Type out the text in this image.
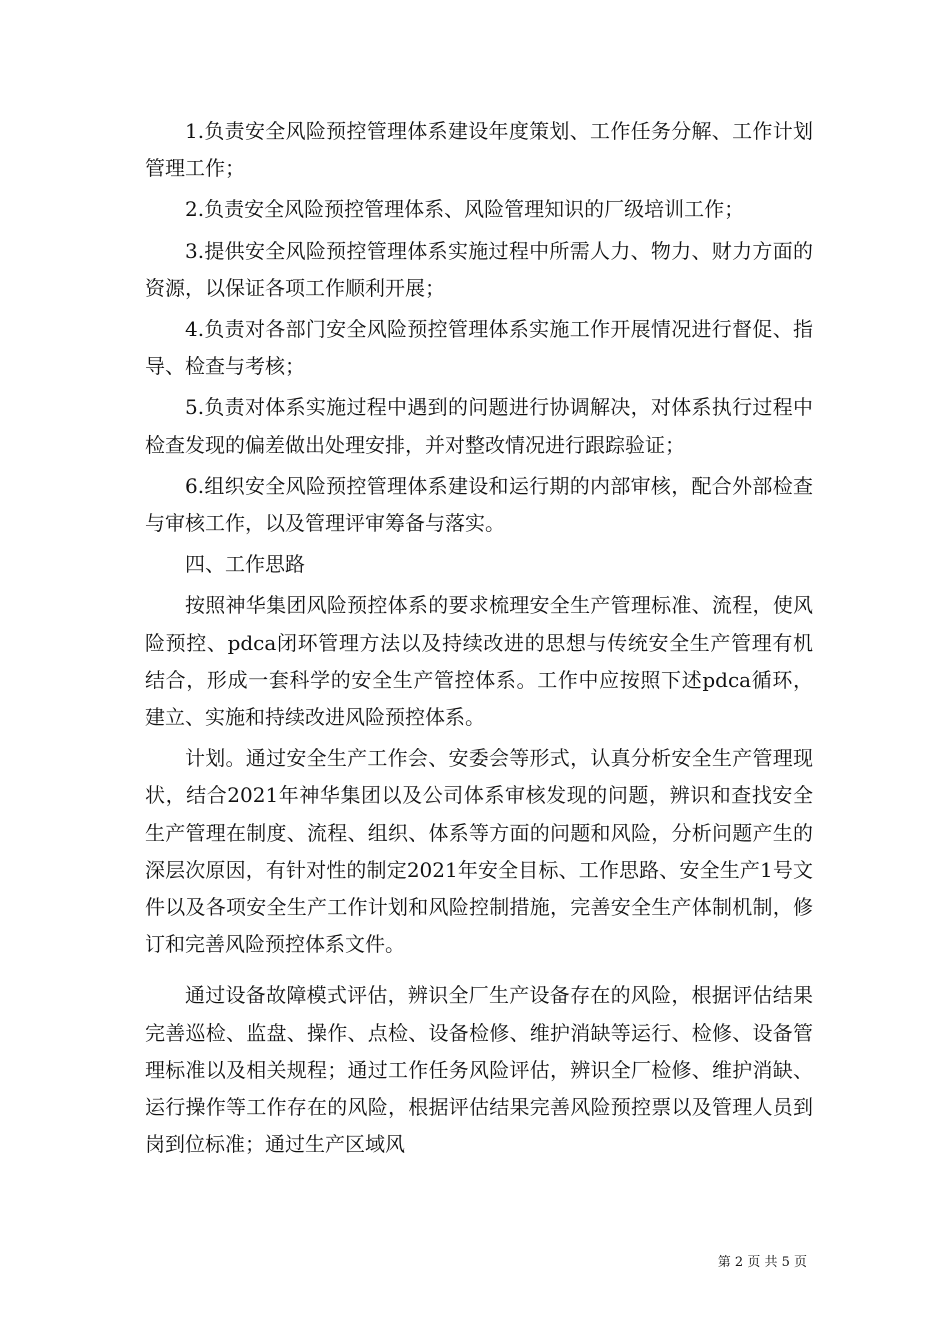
1.负责安全风险预控管理体系建设年度策划、工作任务分解、工作计划管理工作；

2.负责安全风险预控管理体系、风险管理知识的厂级培训工作；

3.提供安全风险预控管理体系实施过程中所需人力、物力、财力方面的资源，以保证各项工作顺利开展；

4.负责对各部门安全风险预控管理体系实施工作开展情况进行督促、指导、检查与考核；

5.负责对体系实施过程中遇到的问题进行协调解决，对体系执行过程中检查发现的偏差做出处理安排，并对整改情况进行跟踪验证；

6.组织安全风险预控管理体系建设和运行期的内部审核，配合外部检查与审核工作，以及管理评审筹备与落实。

四、工作思路

按照神华集团风险预控体系的要求梳理安全生产管理标准、流程，使风险预控、pdca闭环管理方法以及持续改进的思想与传统安全生产管理有机结合，形成一套科学的安全生产管控体系。工作中应按照下述pdca循环，建立、实施和持续改进风险预控体系。

计划。通过安全生产工作会、安委会等形式，认真分析安全生产管理现状，结合2021年神华集团以及公司体系审核发现的问题，辨识和查找安全生产管理在制度、流程、组织、体系等方面的问题和风险，分析问题产生的深层次原因，有针对性的制定2021年安全目标、工作思路、安全生产1号文件以及各项安全生产工作计划和风险控制措施，完善安全生产体制机制，修订和完善风险预控体系文件。

通过设备故障模式评估，辨识全厂生产设备存在的风险，根据评估结果完善巡检、监盘、操作、点检、设备检修、维护消缺等运行、检修、设备管理标准以及相关规程；通过工作任务风险评估，辨识全厂检修、维护消缺、运行操作等工作存在的风险，根据评估结果完善风险预控票以及管理人员到岗到位标准；通过生产区域风

第 2 页 共 5 页
